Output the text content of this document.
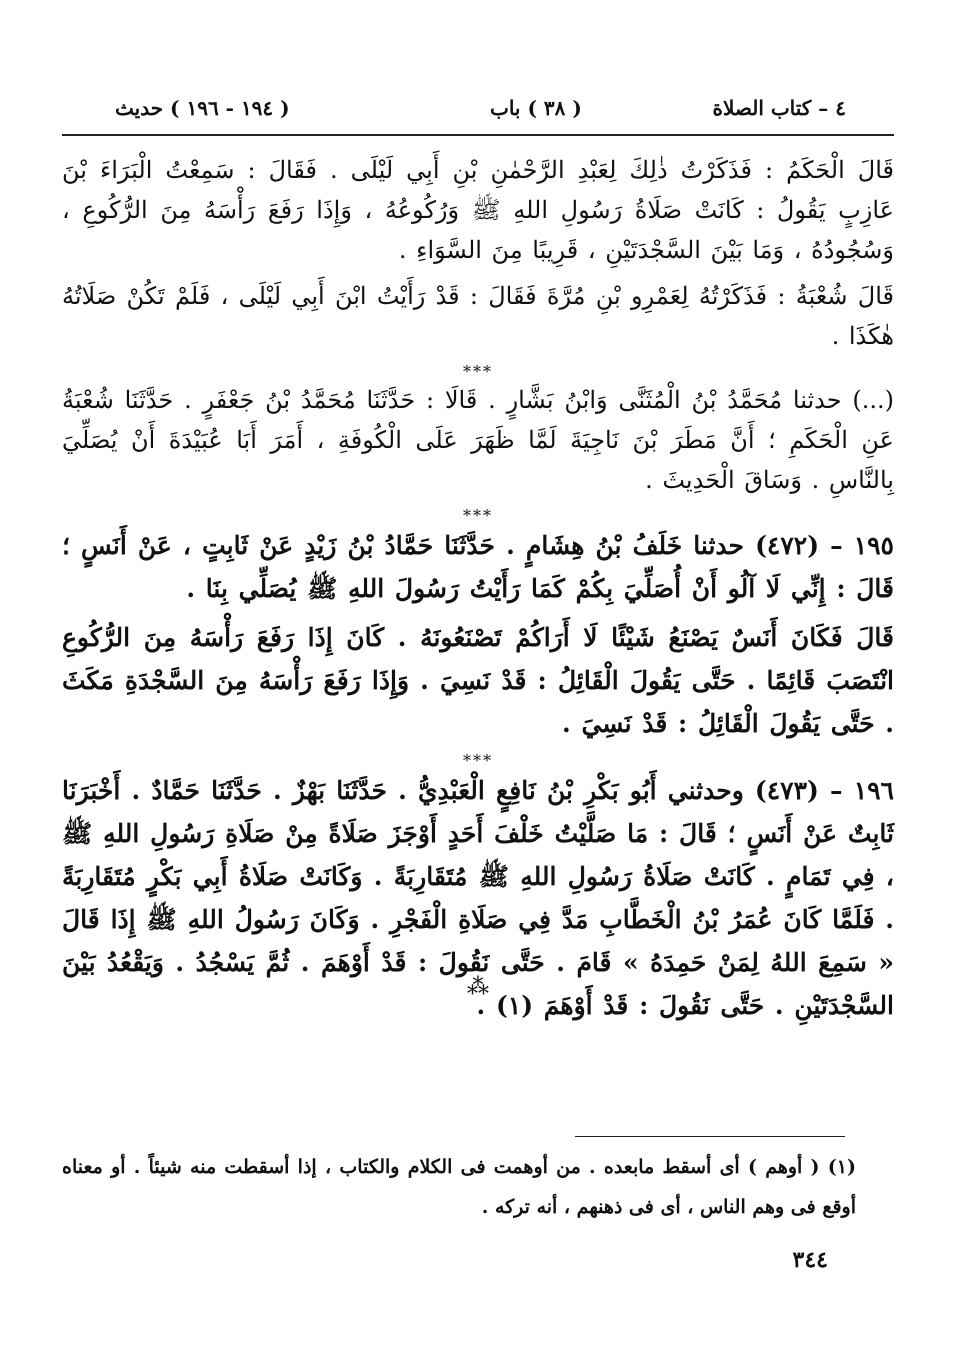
٤ – كتاب الصلاة
( ٣٨ ) باب
( ١٩٤ - ١٩٦ ) حديث

قَالَ الْحَكَمُ : فَذَكَرْتُ ذٰلِكَ لِعَبْدِ الرَّحْمٰنِ بْنِ أَبِي لَيْلَى . فَقَالَ : سَمِعْتُ الْبَرَاءَ بْنَ عَازِبٍ يَقُولُ : كَانَتْ صَلَاةُ رَسُولِ اللهِ ﷺ وَرُكُوعُهُ ، وَإِذَا رَفَعَ رَأْسَهُ مِنَ الرُّكُوعِ ، وَسُجُودُهُ ، وَمَا بَيْنَ السَّجْدَتَيْنِ ، قَرِيبًا مِنَ السَّوَاءِ .

قَالَ شُعْبَةُ : فَذَكَرْتُهُ لِعَمْرِو بْنِ مُرَّةَ فَقَالَ : قَدْ رَأَيْتُ ابْنَ أَبِي لَيْلَى ، فَلَمْ تَكُنْ صَلَاتُهُ هٰكَذَا .

***

(...) حدثنا مُحَمَّدُ بْنُ الْمُثَنَّى وَابْنُ بَشَّارٍ . قَالَا : حَدَّثَنَا مُحَمَّدُ بْنُ جَعْفَرٍ . حَدَّثَنَا شُعْبَةُ عَنِ الْحَكَمِ ؛ أَنَّ مَطَرَ بْنَ نَاجِيَةَ لَمَّا ظَهَرَ عَلَى الْكُوفَةِ ، أَمَرَ أَبَا عُبَيْدَةَ أَنْ يُصَلِّيَ بِالنَّاسِ . وَسَاقَ الْحَدِيثَ .

***

١٩٥ – (٤٧٢) حدثنا خَلَفُ بْنُ هِشَامٍ . حَدَّثَنَا حَمَّادُ بْنُ زَيْدٍ عَنْ ثَابِتٍ ، عَنْ أَنَسٍ ؛ قَالَ : إِنِّي لَا آلُو أَنْ أُصَلِّيَ بِكُمْ كَمَا رَأَيْتُ رَسُولَ اللهِ ﷺ يُصَلِّي بِنَا .

قَالَ فَكَانَ أَنَسٌ يَصْنَعُ شَيْئًا لَا أَرَاكُمْ تَصْنَعُونَهُ . كَانَ إِذَا رَفَعَ رَأْسَهُ مِنَ الرُّكُوعِ انْتَصَبَ قَائِمًا . حَتَّى يَقُولَ الْقَائِلُ : قَدْ نَسِيَ . وَإِذَا رَفَعَ رَأْسَهُ مِنَ السَّجْدَةِ مَكَثَ . حَتَّى يَقُولَ الْقَائِلُ : قَدْ نَسِيَ .

***

١٩٦ – (٤٧٣) وحدثني أَبُو بَكْرِ بْنُ نَافِعٍ الْعَبْدِيُّ . حَدَّثَنَا بَهْزٌ . حَدَّثَنَا حَمَّادٌ . أَخْبَرَنَا ثَابِتٌ عَنْ أَنَسٍ ؛ قَالَ : مَا صَلَّيْتُ خَلْفَ أَحَدٍ أَوْجَزَ صَلَاةً مِنْ صَلَاةِ رَسُولِ اللهِ ﷺ ، فِي تَمَامٍ . كَانَتْ صَلَاةُ رَسُولِ اللهِ ﷺ مُتَقَارِبَةً . وَكَانَتْ صَلَاةُ أَبِي بَكْرٍ مُتَقَارِبَةً . فَلَمَّا كَانَ عُمَرُ بْنُ الْخَطَّابِ مَدَّ فِي صَلَاةِ الْفَجْرِ . وَكَانَ رَسُولُ اللهِ ﷺ إِذَا قَالَ « سَمِعَ اللهُ لِمَنْ حَمِدَهُ » قَامَ . حَتَّى نَقُولَ : قَدْ أَوْهَمَ . ثُمَّ يَسْجُدُ . وَيَقْعُدُ بَيْنَ السَّجْدَتَيْنِ . حَتَّى نَقُولَ : قَدْ أَوْهَمَ (١) .

⁂
(١) ( أوهم ) أى أسقط مابعده . من أوهمت فى الكلام والكتاب ، إذا أسقطت منه شيئاً . أو معناه أوقع فى وهم الناس ، أى فى ذهنهم ، أنه تركه .
٣٤٤
